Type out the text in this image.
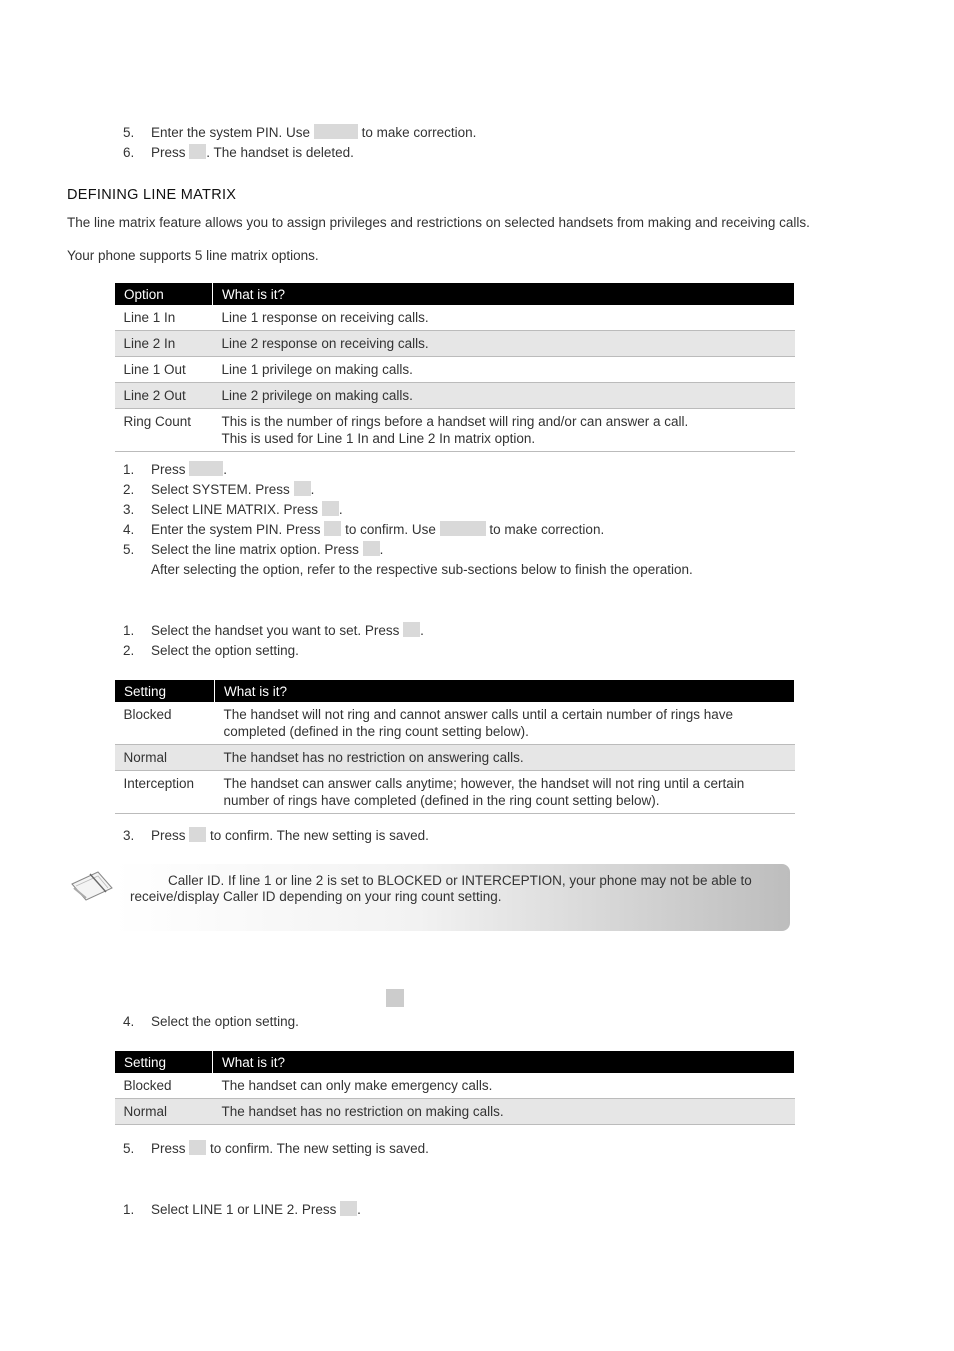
5. Enter the system PIN. Use	to make correction.
6. Press . The handset is deleted.
DEFINING LINE MATRIX
The line matrix feature allows you to assign privileges and restrictions on selected handsets from making and receiving calls.
Your phone supports 5 line matrix options.
Option	What is it?
Line 1 In	Line 1 response on receiving calls.
Line 2 In	Line 2 response on receiving calls.
Line 1 Out	Line 1 privilege on making calls.
Line 2 Out	Line 2 privilege on making calls.
Ring Count	This is the number of rings before a handset will ring and/or can answer a call.
This is used for Line 1 In and Line 2 In matrix option.
1. Press	.
2. Select SYSTEM. Press .
3. Select LINE MATRIX. Press .
4. Enter the system PIN. Press to confirm. Use	to make correction.
5. Select the line matrix option. Press .
After selecting the option, refer to the respective sub-sections below to finish the operation.
1. Select the handset you want to set. Press .
2. Select the option setting.
Setting	What is it?
Blocked	The handset will not ring and cannot answer calls until a certain number of rings have
completed (defined in the ring count setting below).

Normal	The handset has no restriction on answering calls.
Interception	The handset can answer calls anytime; however, the handset will not ring until a certain
number of rings have completed (defined in the ring count setting below).
3. Press to confirm. The new setting is saved.
Caller ID. If line 1 or line 2 is set to BLOCKED or INTERCEPTION, your phone may not be able to
receive/display Caller ID depending on your ring count setting.
4. Select the option setting.
Setting	What is it?
Blocked	The handset can only make emergency calls.
Normal	The handset has no restriction on making calls.
5. Press to confirm. The new setting is saved.
1. Select LINE 1 or LINE 2. Press .
